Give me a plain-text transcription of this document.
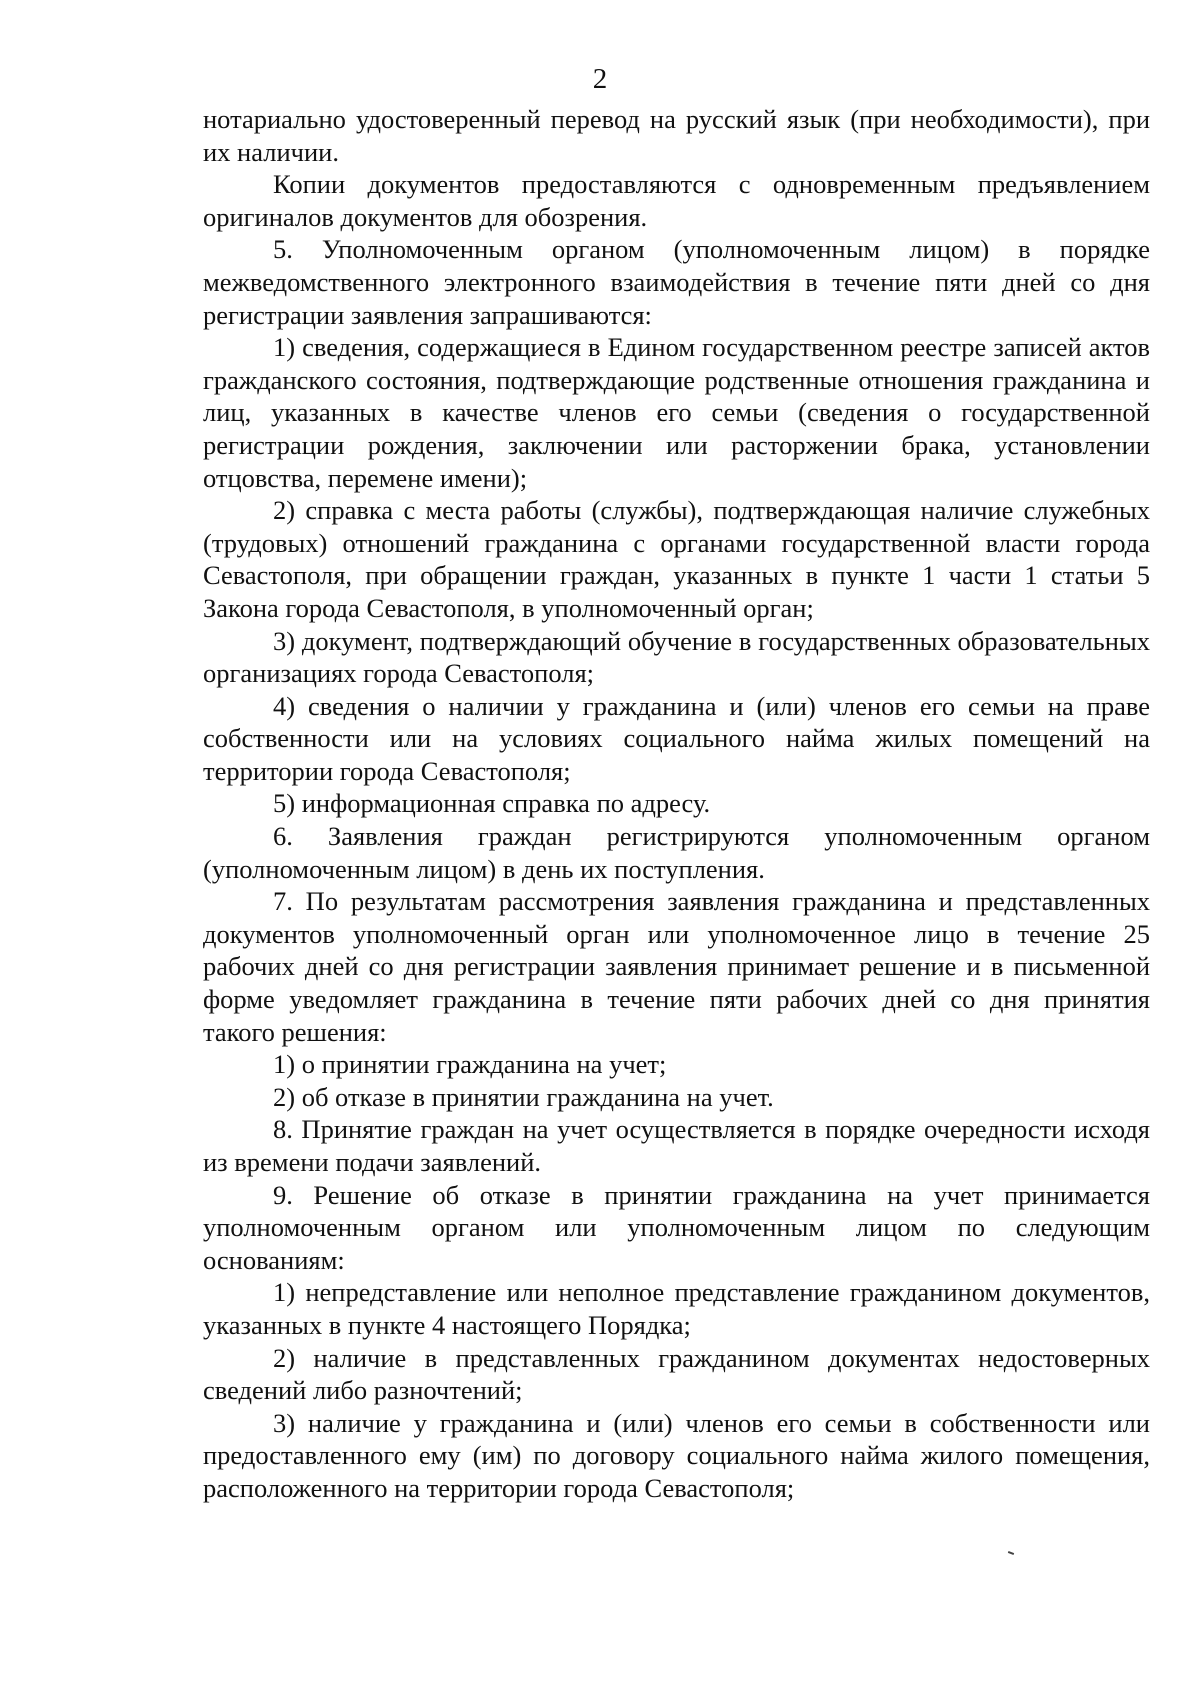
2

нотариально удостоверенный перевод на русский язык (при необходимости), при их наличии.

Копии документов предоставляются с одновременным предъявлением оригиналов документов для обозрения.

5. Уполномоченным органом (уполномоченным лицом) в порядке межведомственного электронного взаимодействия в течение пяти дней со дня регистрации заявления запрашиваются:

1) сведения, содержащиеся в Едином государственном реестре записей актов гражданского состояния, подтверждающие родственные отношения гражданина и лиц, указанных в качестве членов его семьи (сведения о государственной регистрации рождения, заключении или расторжении брака, установлении отцовства, перемене имени);

2) справка с места работы (службы), подтверждающая наличие служебных (трудовых) отношений гражданина с органами государственной власти города Севастополя, при обращении граждан, указанных в пункте 1 части 1 статьи 5 Закона города Севастополя, в уполномоченный орган;

3) документ, подтверждающий обучение в государственных образовательных организациях города Севастополя;

4) сведения о наличии у гражданина и (или) членов его семьи на праве собственности или на условиях социального найма жилых помещений на территории города Севастополя;

5) информационная справка по адресу.

6. Заявления граждан регистрируются уполномоченным органом (уполномоченным лицом) в день их поступления.

7. По результатам рассмотрения заявления гражданина и представленных документов уполномоченный орган или уполномоченное лицо в течение 25 рабочих дней со дня регистрации заявления принимает решение и в письменной форме уведомляет гражданина в течение пяти рабочих дней со дня принятия такого решения:

1) о принятии гражданина на учет;

2) об отказе в принятии гражданина на учет.

8. Принятие граждан на учет осуществляется в порядке очередности исходя из времени подачи заявлений.

9. Решение об отказе в принятии гражданина на учет принимается уполномоченным органом или уполномоченным лицом по следующим основаниям:

1) непредставление или неполное представление гражданином документов, указанных в пункте 4 настоящего Порядка;

2) наличие в представленных гражданином документах недостоверных сведений либо разночтений;

3) наличие у гражданина и (или) членов его семьи в собственности или предоставленного ему (им) по договору социального найма жилого помещения, расположенного на территории города Севастополя;
